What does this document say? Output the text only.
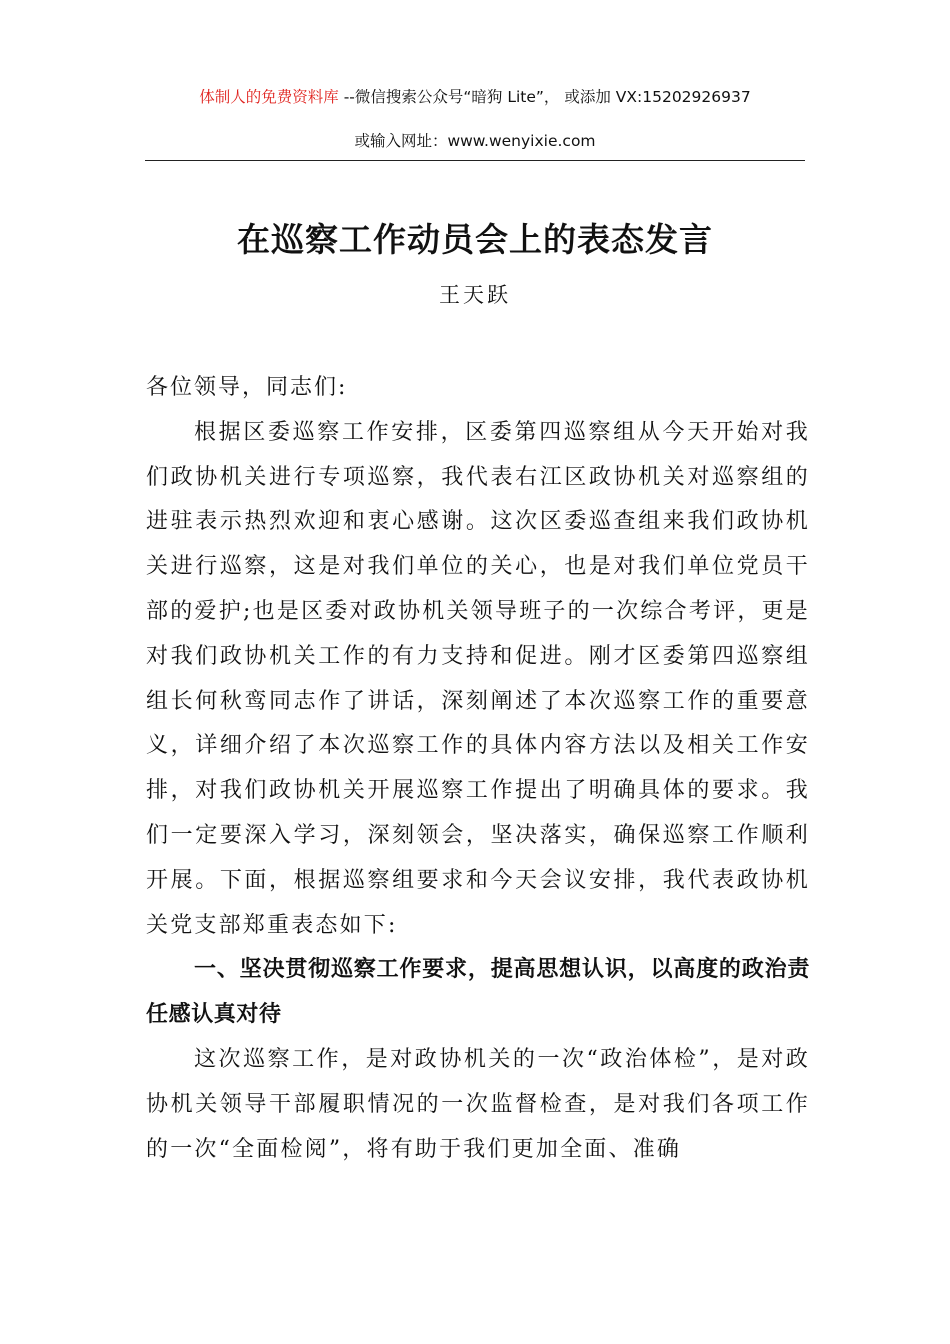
体制人的免费资料库 --微信搜索公众号“暗狗 Lite”， 或添加 VX:15202926937
或输入网址：www.wenyixie.com
在巡察工作动员会上的表态发言
王天跃

各位领导，同志们:

根据区委巡察工作安排，区委第四巡察组从今天开始对我们政协机关进行专项巡察，我代表右江区政协机关对巡察组的进驻表示热烈欢迎和衷心感谢。这次区委巡查组来我们政协机关进行巡察，这是对我们单位的关心，也是对我们单位党员干部的爱护;也是区委对政协机关领导班子的一次综合考评，更是对我们政协机关工作的有力支持和促进。刚才区委第四巡察组组长何秋鸾同志作了讲话，深刻阐述了本次巡察工作的重要意义，详细介绍了本次巡察工作的具体内容方法以及相关工作安排，对我们政协机关开展巡察工作提出了明确具体的要求。我们一定要深入学习，深刻领会，坚决落实，确保巡察工作顺利开展。下面，根据巡察组要求和今天会议安排，我代表政协机关党支部郑重表态如下:

一、坚决贯彻巡察工作要求，提高思想认识，以高度的政治责任感认真对待

这次巡察工作，是对政协机关的一次“政治体检”，是对政协机关领导干部履职情况的一次监督检查，是对我们各项工作的一次“全面检阅”，将有助于我们更加全面、准确
